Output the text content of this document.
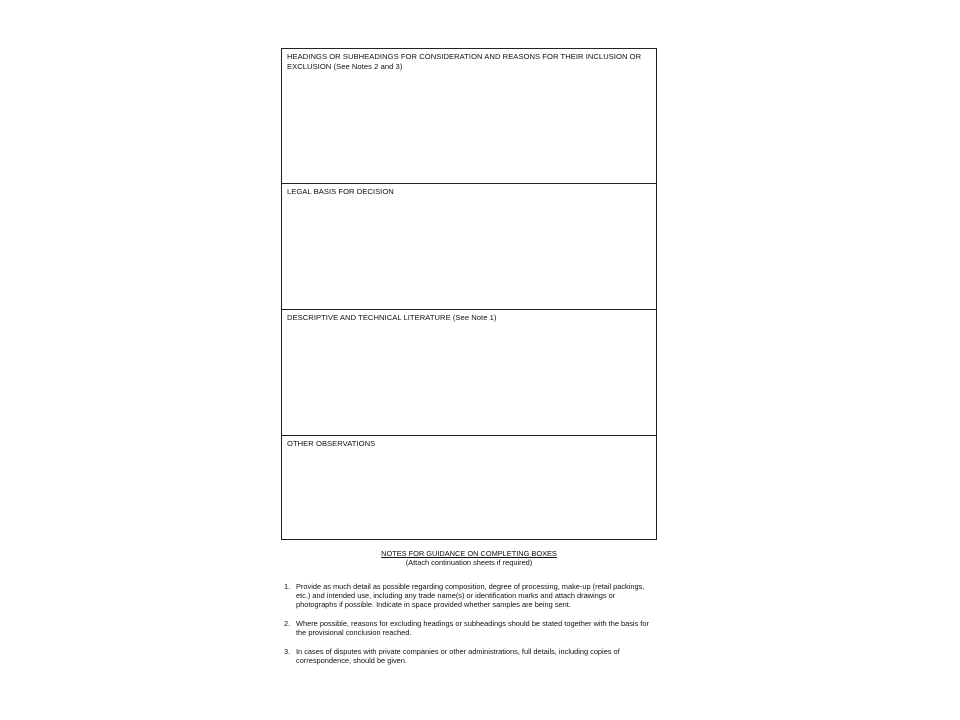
HEADINGS OR SUBHEADINGS FOR CONSIDERATION AND REASONS FOR THEIR INCLUSION OR EXCLUSION (See Notes 2 and 3)
LEGAL BASIS FOR DECISION
DESCRIPTIVE AND TECHNICAL LITERATURE (See Note 1)
OTHER OBSERVATIONS

NOTES FOR GUIDANCE ON COMPLETING BOXES

(Attach continuation sheets if required)

1. Provide as much detail as possible regarding composition, degree of processing, make-up (retail packings, etc.) and intended use, including any trade name(s) or identification marks and attach drawings or photographs if possible. Indicate in space provided whether samples are being sent.
2. Where possible, reasons for excluding headings or subheadings should be stated together with the basis for the provisional conclusion reached.
3. In cases of disputes with private companies or other administrations, full details, including copies of correspondence, should be given.
